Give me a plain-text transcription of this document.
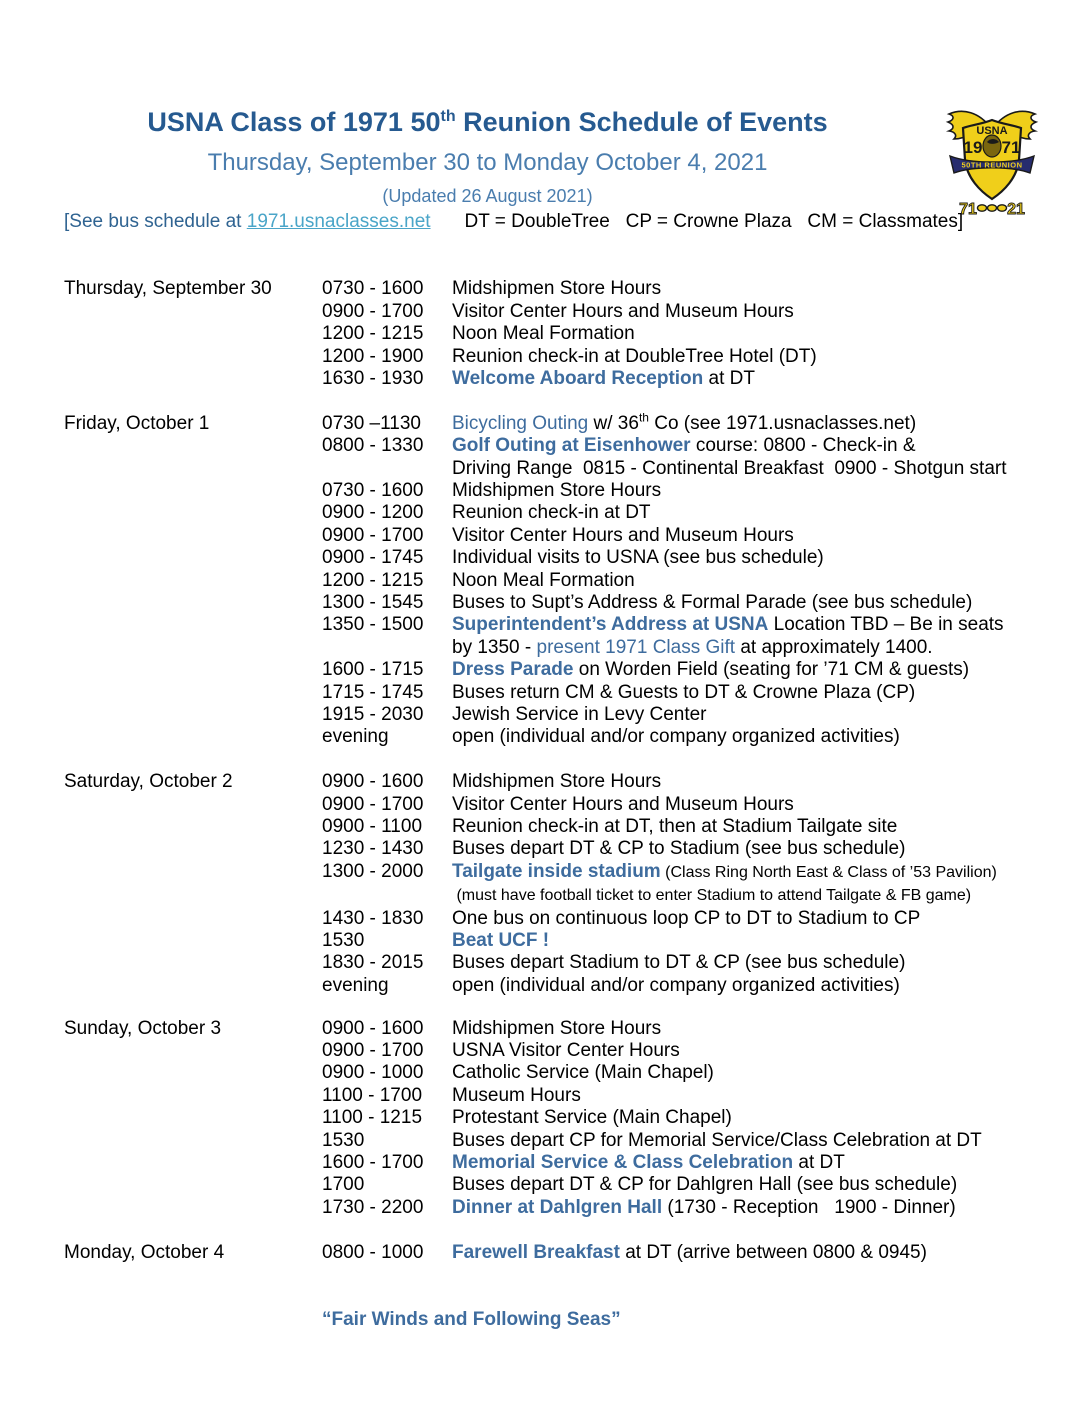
USNA Class of 1971 50th Reunion Schedule of Events
Thursday, September 30 to Monday October 4, 2021
(Updated 26 August 2021)
[See bus schedule at 1971.usnaclasses.net DT = DoubleTree   CP = Crowne Plaza   CM = Classmates]
USNA
19 71
50TH REUNION
71 21
Thursday, September 30	0730 - 1600	Midshipmen Store Hours
0900 - 1700	Visitor Center Hours and Museum Hours
1200 - 1215	Noon Meal Formation
1200 - 1900	Reunion check-in at DoubleTree Hotel (DT)
1630 - 1930	Welcome Aboard Reception at DT
Friday, October 1	0730 –1130	Bicycling Outing w/ 36th Co (see 1971.usnaclasses.net)
0800 - 1330	Golf Outing at Eisenhower course: 0800 - Check-in &
Driving Range  0815 - Continental Breakfast  0900 - Shotgun start
0730 - 1600	Midshipmen Store Hours
0900 - 1200	Reunion check-in at DT
0900 - 1700	Visitor Center Hours and Museum Hours
0900 - 1745	Individual visits to USNA (see bus schedule)
1200 - 1215	Noon Meal Formation
1300 - 1545	Buses to Supt’s Address & Formal Parade (see bus schedule)
1350 - 1500	Superintendent’s Address at USNA Location TBD – Be in seats
by 1350 - present 1971 Class Gift at approximately 1400.
1600 - 1715	Dress Parade on Worden Field (seating for ’71 CM & guests)
1715 - 1745	Buses return CM & Guests to DT & Crowne Plaza (CP)
1915 - 2030	Jewish Service in Levy Center
evening	open (individual and/or company organized activities)
Saturday, October 2	0900 - 1600	Midshipmen Store Hours
0900 - 1700	Visitor Center Hours and Museum Hours
0900 - 1100	Reunion check-in at DT, then at Stadium Tailgate site
1230 - 1430	Buses depart DT & CP to Stadium (see bus schedule)
1300 - 2000	Tailgate inside stadium (Class Ring North East & Class of ’53 Pavilion)
(must have football ticket to enter Stadium to attend Tailgate & FB game)
1430 - 1830	One bus on continuous loop CP to DT to Stadium to CP
1530	Beat UCF !
1830 - 2015	Buses depart Stadium to DT & CP (see bus schedule)
evening	open (individual and/or company organized activities)
Sunday, October 3	0900 - 1600	Midshipmen Store Hours
0900 - 1700	USNA Visitor Center Hours
0900 - 1000	Catholic Service (Main Chapel)
1100 - 1700	Museum Hours
1100 - 1215	Protestant Service (Main Chapel)
1530	Buses depart CP for Memorial Service/Class Celebration at DT
1600 - 1700	Memorial Service & Class Celebration at DT
1700	Buses depart DT & CP for Dahlgren Hall (see bus schedule)
1730 - 2200	Dinner at Dahlgren Hall (1730 - Reception   1900 - Dinner)
Monday, October 4	0800 - 1000	Farewell Breakfast at DT (arrive between 0800 & 0945)
“Fair Winds and Following Seas”
